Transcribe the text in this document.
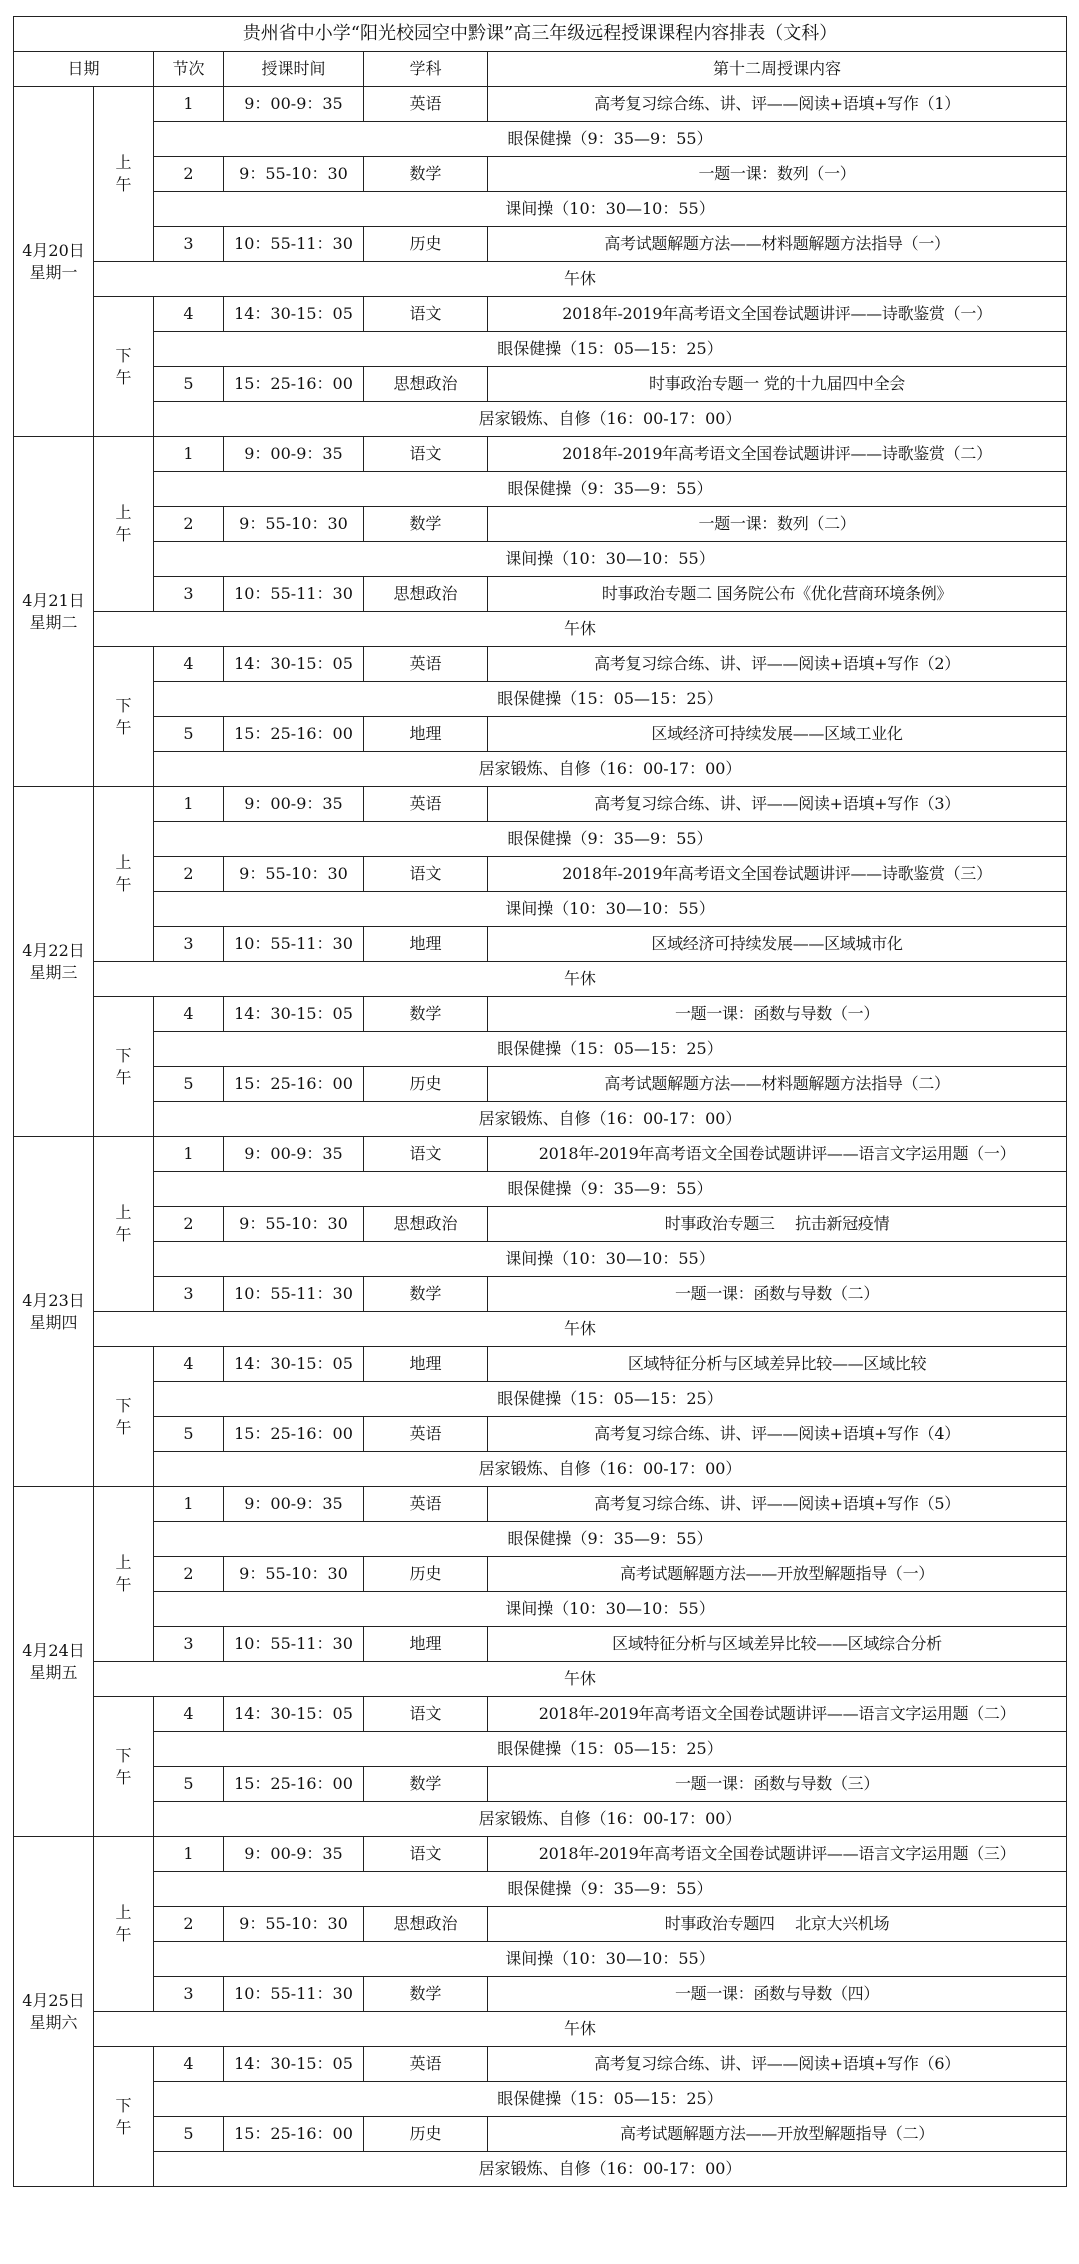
贵州省中小学“阳光校园空中黔课”高三年级远程授课课程内容排表（文科）					
日期		节次	授课时间	学科	第十二周授课内容

4月20日
星期一	上午	1	9：00-9：35	英语	高考复习综合练、讲、评——阅读+语填+写作（1）
		眼保健操（9：35—9：55）			
		2	9：55-10：30	数学	一题一课：数列（一）
		课间操（10：30—10：55）			
		3	10：55-11：30	历史	高考试题解题方法——材料题解题方法指导（一）
	午休				

	下午	4	14：30-15：05	语文	2018年-2019年高考语文全国卷试题讲评——诗歌鉴赏（一）
		眼保健操（15：05—15：25）			
		5	15：25-16：00	思想政治	时事政治专题一 党的十九届四中全会
		居家锻炼、自修（16：00-17：00）			

4月21日
星期二	上午	1	9：00-9：35	语文	2018年-2019年高考语文全国卷试题讲评——诗歌鉴赏（二）
		眼保健操（9：35—9：55）			
		2	9：55-10：30	数学	一题一课：数列（二）
		课间操（10：30—10：55）			
		3	10：55-11：30	思想政治	时事政治专题二 国务院公布《优化营商环境条例》
	午休				

	下午	4	14：30-15：05	英语	高考复习综合练、讲、评——阅读+语填+写作（2）
		眼保健操（15：05—15：25）			
		5	15：25-16：00	地理	区域经济可持续发展——区域工业化
		居家锻炼、自修（16：00-17：00）			

4月22日
星期三	上午	1	9：00-9：35	英语	高考复习综合练、讲、评——阅读+语填+写作（3）
		眼保健操（9：35—9：55）			
		2	9：55-10：30	语文	2018年-2019年高考语文全国卷试题讲评——诗歌鉴赏（三）
		课间操（10：30—10：55）			
		3	10：55-11：30	地理	区域经济可持续发展——区域城市化
	午休				

	下午	4	14：30-15：05	数学	一题一课：函数与导数（一）
		眼保健操（15：05—15：25）			
		5	15：25-16：00	历史	高考试题解题方法——材料题解题方法指导（二）
		居家锻炼、自修（16：00-17：00）			

4月23日
星期四	上午	1	9：00-9：35	语文	2018年-2019年高考语文全国卷试题讲评——语言文字运用题（一）
		眼保健操（9：35—9：55）			
		2	9：55-10：30	思想政治	时事政治专题三　 抗击新冠疫情
		课间操（10：30—10：55）			
		3	10：55-11：30	数学	一题一课：函数与导数（二）
	午休				

	下午	4	14：30-15：05	地理	区域特征分析与区域差异比较——区域比较
		眼保健操（15：05—15：25）			
		5	15：25-16：00	英语	高考复习综合练、讲、评——阅读+语填+写作（4）
		居家锻炼、自修（16：00-17：00）			

4月24日
星期五	上午	1	9：00-9：35	英语	高考复习综合练、讲、评——阅读+语填+写作（5）
		眼保健操（9：35—9：55）			
		2	9：55-10：30	历史	高考试题解题方法——开放型解题指导（一）
		课间操（10：30—10：55）			
		3	10：55-11：30	地理	区域特征分析与区域差异比较——区域综合分析
	午休				

	下午	4	14：30-15：05	语文	2018年-2019年高考语文全国卷试题讲评——语言文字运用题（二）
		眼保健操（15：05—15：25）			
		5	15：25-16：00	数学	一题一课：函数与导数（三）
		居家锻炼、自修（16：00-17：00）			

4月25日
星期六	上午	1	9：00-9：35	语文	2018年-2019年高考语文全国卷试题讲评——语言文字运用题（三）
		眼保健操（9：35—9：55）			
		2	9：55-10：30	思想政治	时事政治专题四　 北京大兴机场
		课间操（10：30—10：55）			
		3	10：55-11：30	数学	一题一课：函数与导数（四）
	午休				

	下午	4	14：30-15：05	英语	高考复习综合练、讲、评——阅读+语填+写作（6）
		眼保健操（15：05—15：25）			
		5	15：25-16：00	历史	高考试题解题方法——开放型解题指导（二）
		居家锻炼、自修（16：00-17：00）			
